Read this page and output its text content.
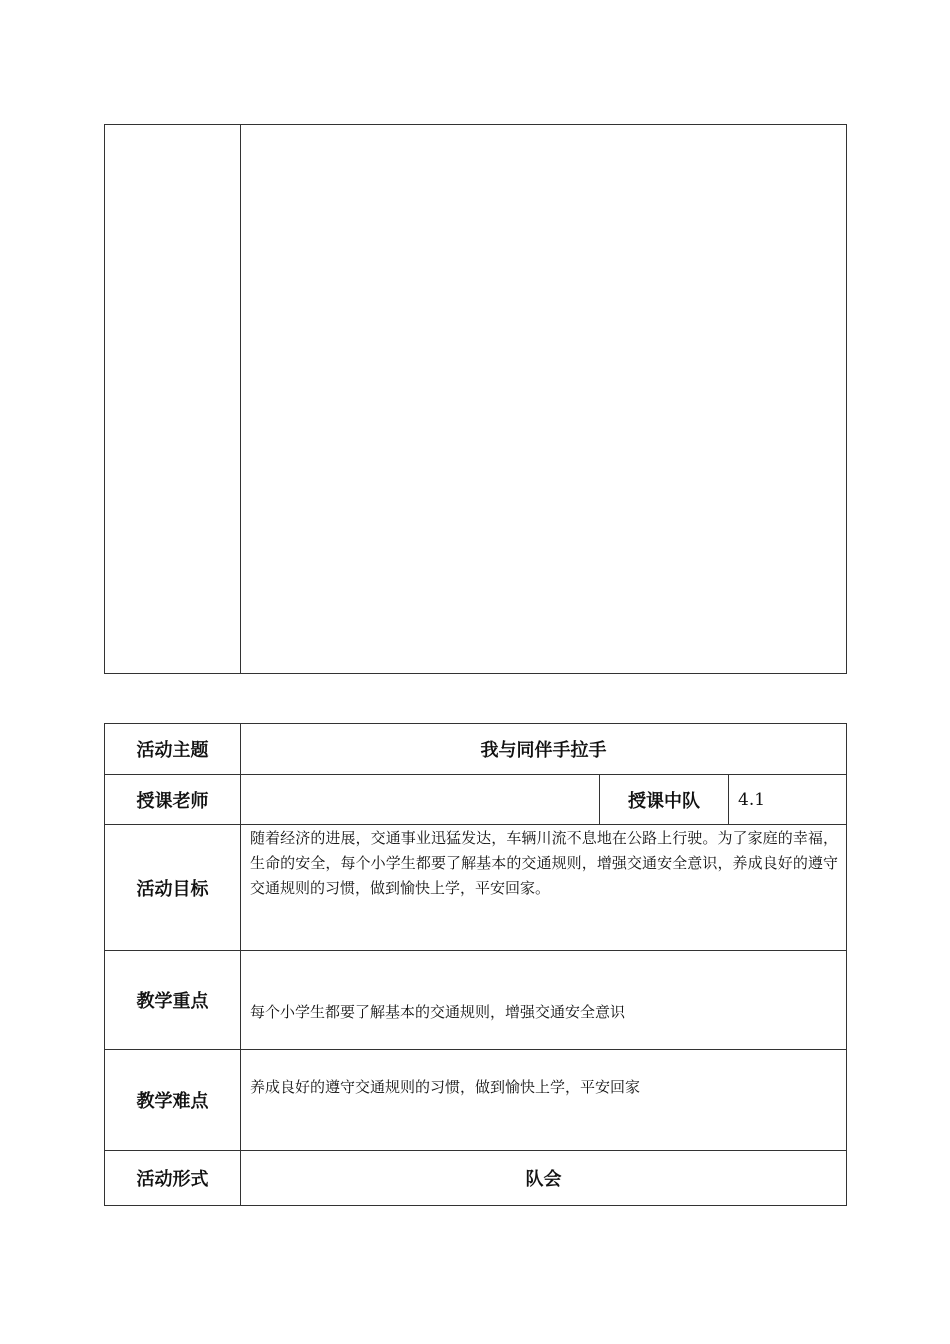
活动主题	我与同伴手拉手		
授课老师		授课中队	4.1
活动目标	随着经济的进展，交通事业迅猛发达，车辆川流不息地在公路上行驶。为了家庭的幸福，生命的安全，每个小学生都要了解基本的交通规则，增强交通安全意识，养成良好的遵守交通规则的习惯，做到愉快上学，平安回家。		
教学重点	每个小学生都要了解基本的交通规则，增强交通安全意识		
教学难点	养成良好的遵守交通规则的习惯，做到愉快上学，平安回家		
活动形式	队会		
